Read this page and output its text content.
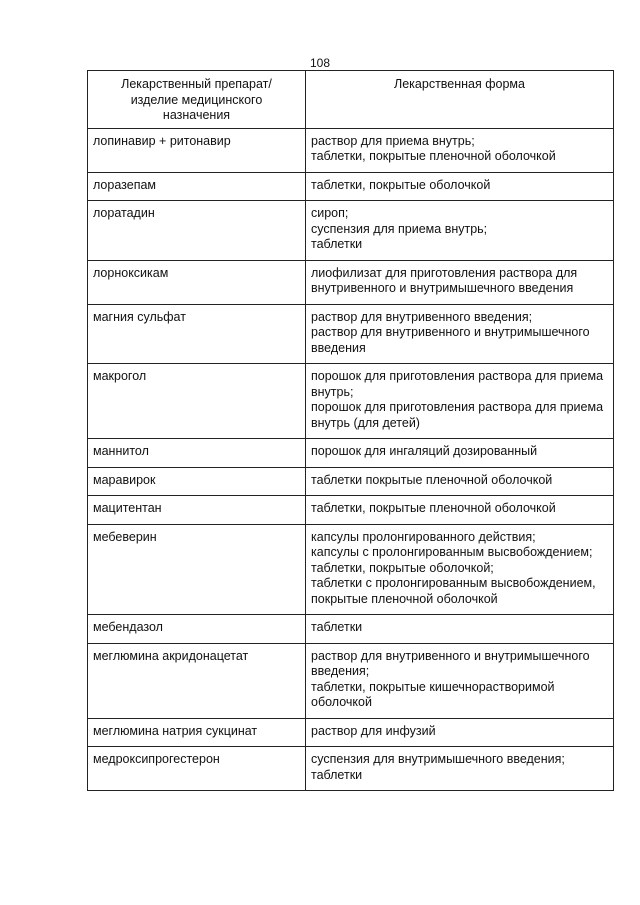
108
Лекарственный препарат/ изделие медицинского назначения	Лекарственная форма
лопинавир + ритонавир	раствор для приема внутрь;
таблетки, покрытые пленочной оболочкой

лоразепам	таблетки, покрытые оболочкой

лоратадин	сироп;
суспензия для приема внутрь;
таблетки

лорноксикам	лиофилизат для приготовления раствора для внутривенного и внутримышечного введения

магния сульфат	раствор для внутривенного введения;
раствор для внутривенного и внутримышечного введения

макрогол	порошок для приготовления раствора для приема внутрь;
порошок для приготовления раствора для приема внутрь (для детей)

маннитол	порошок для ингаляций дозированный

маравирок	таблетки покрытые пленочной оболочкой

мацитентан	таблетки, покрытые пленочной оболочкой

мебеверин	капсулы пролонгированного действия;
капсулы с пролонгированным высвобождением;
таблетки, покрытые оболочкой;
таблетки с пролонгированным высвобождением, покрытые пленочной оболочкой

мебендазол	таблетки

меглюмина акридонацетат	раствор для внутривенного и внутримышечного введения;
таблетки, покрытые кишечнорастворимой оболочкой

меглюмина натрия сукцинат	раствор для инфузий

медроксипрогестерон	суспензия для внутримышечного введения;
таблетки
